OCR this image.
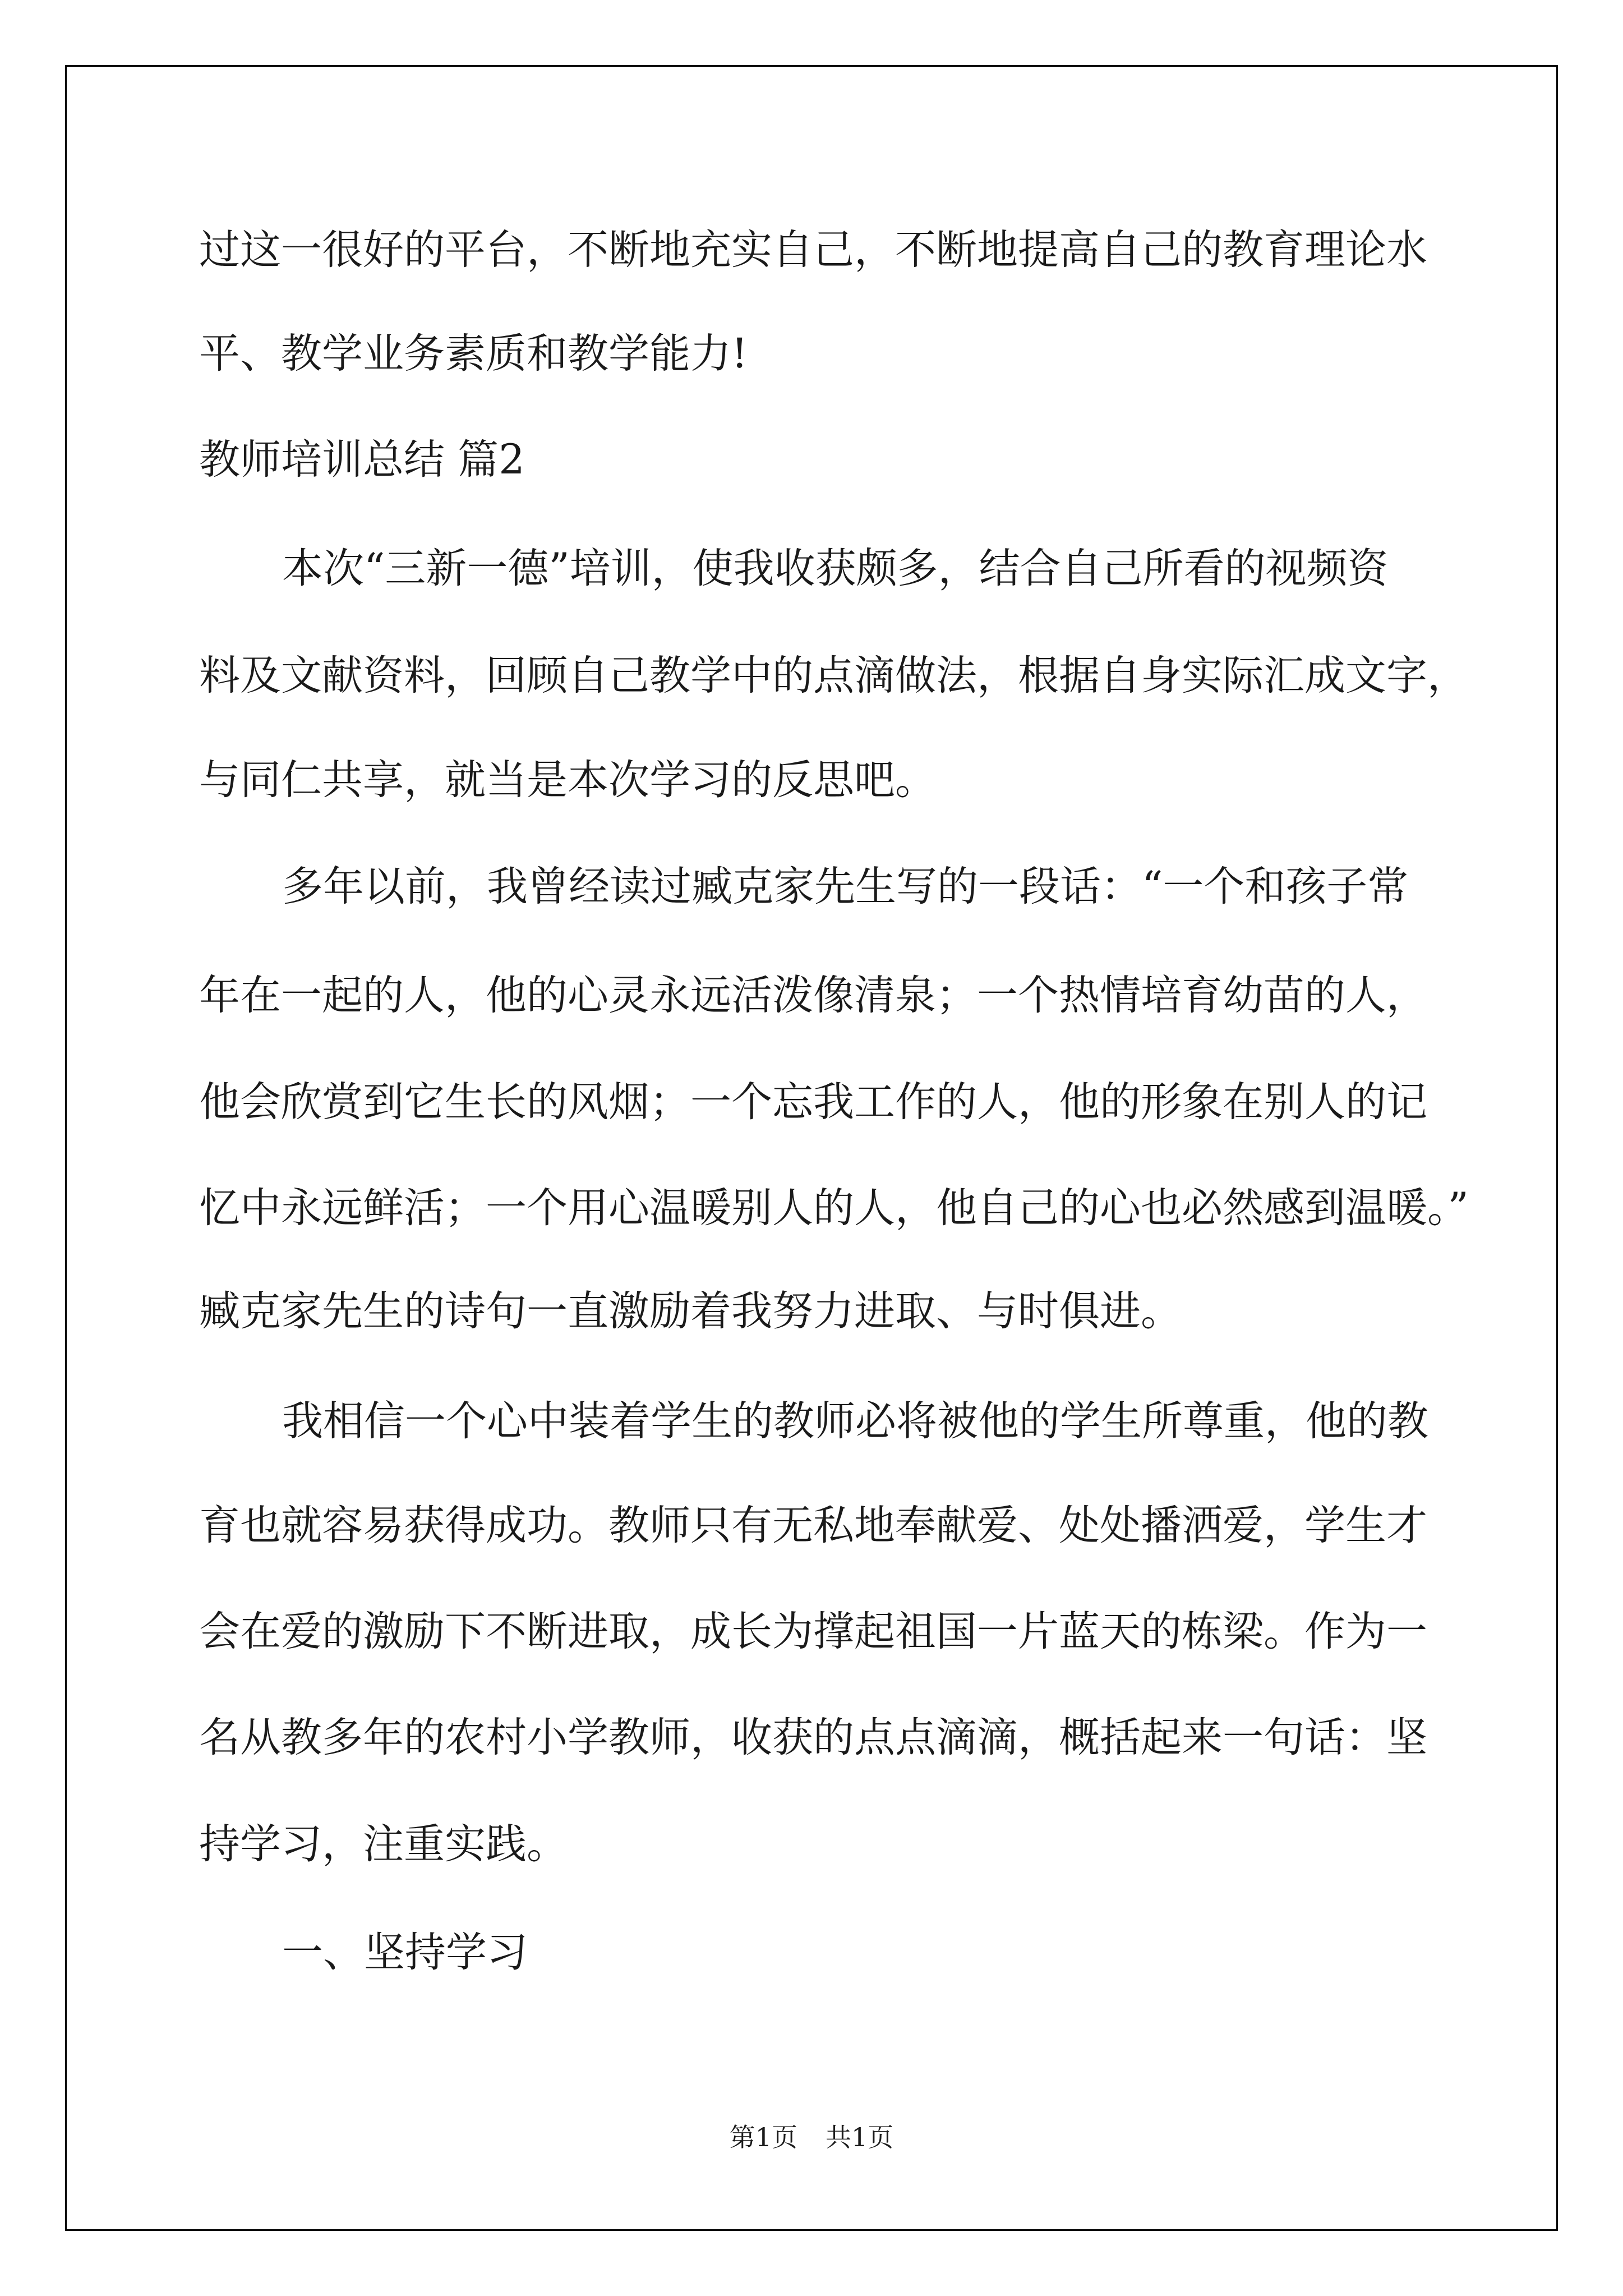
过这一很好的平台，不断地充实自己，不断地提高自己的教育理论水
平、教学业务素质和教学能力!
教师培训总结 篇2
本次“三新一德”培训，使我收获颇多，结合自己所看的视频资
料及文献资料，回顾自己教学中的点滴做法，根据自身实际汇成文字，
与同仁共享，就当是本次学习的反思吧。
多年以前，我曾经读过臧克家先生写的一段话：“一个和孩子常
年在一起的人，他的心灵永远活泼像清泉；一个热情培育幼苗的人，
他会欣赏到它生长的风烟；一个忘我工作的人，他的形象在别人的记
忆中永远鲜活；一个用心温暖别人的人，他自己的心也必然感到温暖。”
臧克家先生的诗句一直激励着我努力进取、与时俱进。
我相信一个心中装着学生的教师必将被他的学生所尊重，他的教
育也就容易获得成功。教师只有无私地奉献爱、处处播洒爱，学生才
会在爱的激励下不断进取，成长为撑起祖国一片蓝天的栋梁。作为一
名从教多年的农村小学教师，收获的点点滴滴，概括起来一句话：坚
持学习，注重实践。
一、坚持学习
第1页 共1页
